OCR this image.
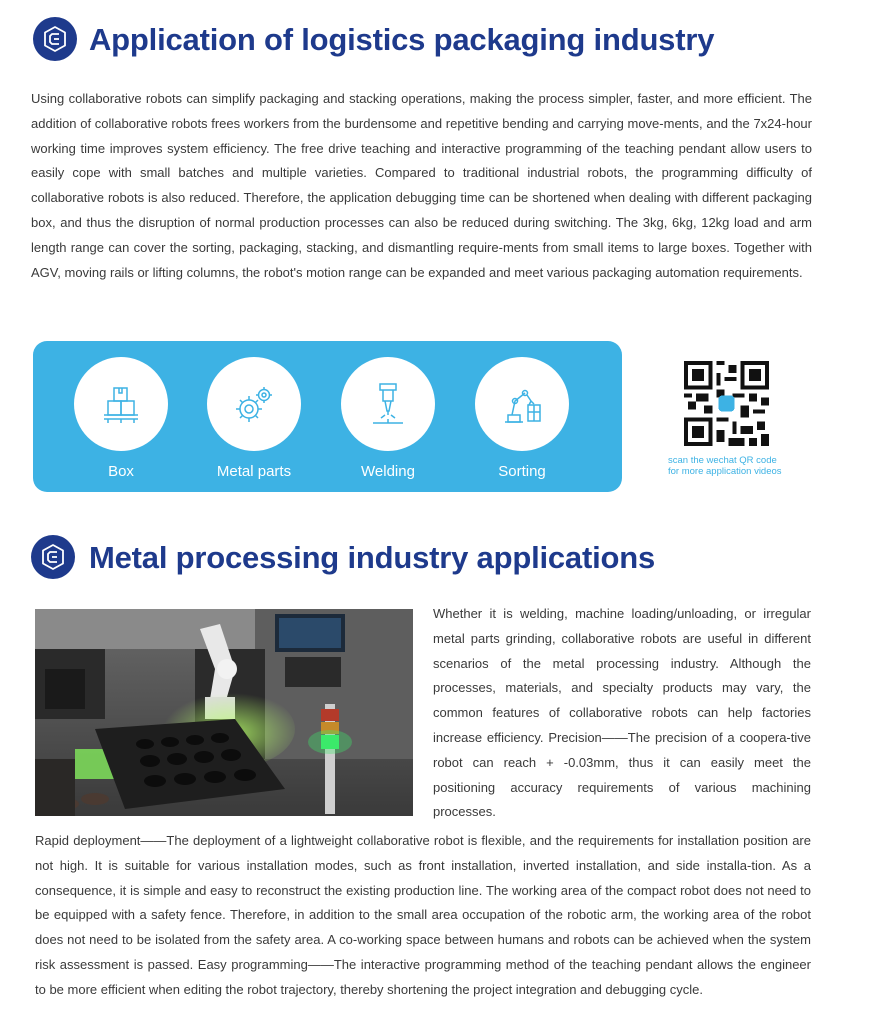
Application of logistics packaging industry

Using collaborative robots can simplify packaging and stacking operations, making the process simpler, faster, and more efficient. The addition of collaborative robots frees workers from the burdensome and repetitive bending and carrying move-ments, and the 7x24-hour working time improves system efficiency. The free drive teaching and interactive programming of the teaching pendant allow users to easily cope with small batches and multiple varieties. Compared to traditional industrial robots, the programming difficulty of collaborative robots is also reduced. Therefore, the application debugging time can be shortened when dealing with different packaging box, and thus the disruption of normal production processes can also be reduced during switching. The 3kg, 6kg, 12kg load and arm length range can cover the sorting, packaging, stacking, and dismantling require-ments from small items to large boxes. Together with AGV, moving rails or lifting columns, the robot's motion range can be expanded and meet various packaging automation requirements.

Box	Metal parts	Welding	Sorting
scan the wechat QR code
for more application videos
Metal processing industry applications

Whether it is welding, machine loading/unloading, or irregular metal parts grinding, collaborative robots are useful in different scenarios of the metal processing industry. Although the processes, materials, and specialty products may vary, the common features of collaborative robots can help factories increase efficiency. Precision——The precision of a coopera-tive robot can reach + -0.03mm, thus it can easily meet the positioning accuracy requirements of various machining processes.

Rapid deployment——The deployment of a lightweight collaborative robot is flexible, and the requirements for installation position are not high. It is suitable for various installation modes, such as front installation, inverted installation, and side installa-tion. As a consequence, it is simple and easy to reconstruct the existing production line. The working area of the compact robot does not need to be equipped with a safety fence. Therefore, in addition to the small area occupation of the robotic arm, the working area of the robot does not need to be isolated from the safety area. A co-working space between humans and robots can be achieved when the system risk assessment is passed. Easy programming——The interactive programming method of the teaching pendant allows the engineer to be more efficient when editing the robot trajectory, thereby shortening the project integration and debugging cycle.
